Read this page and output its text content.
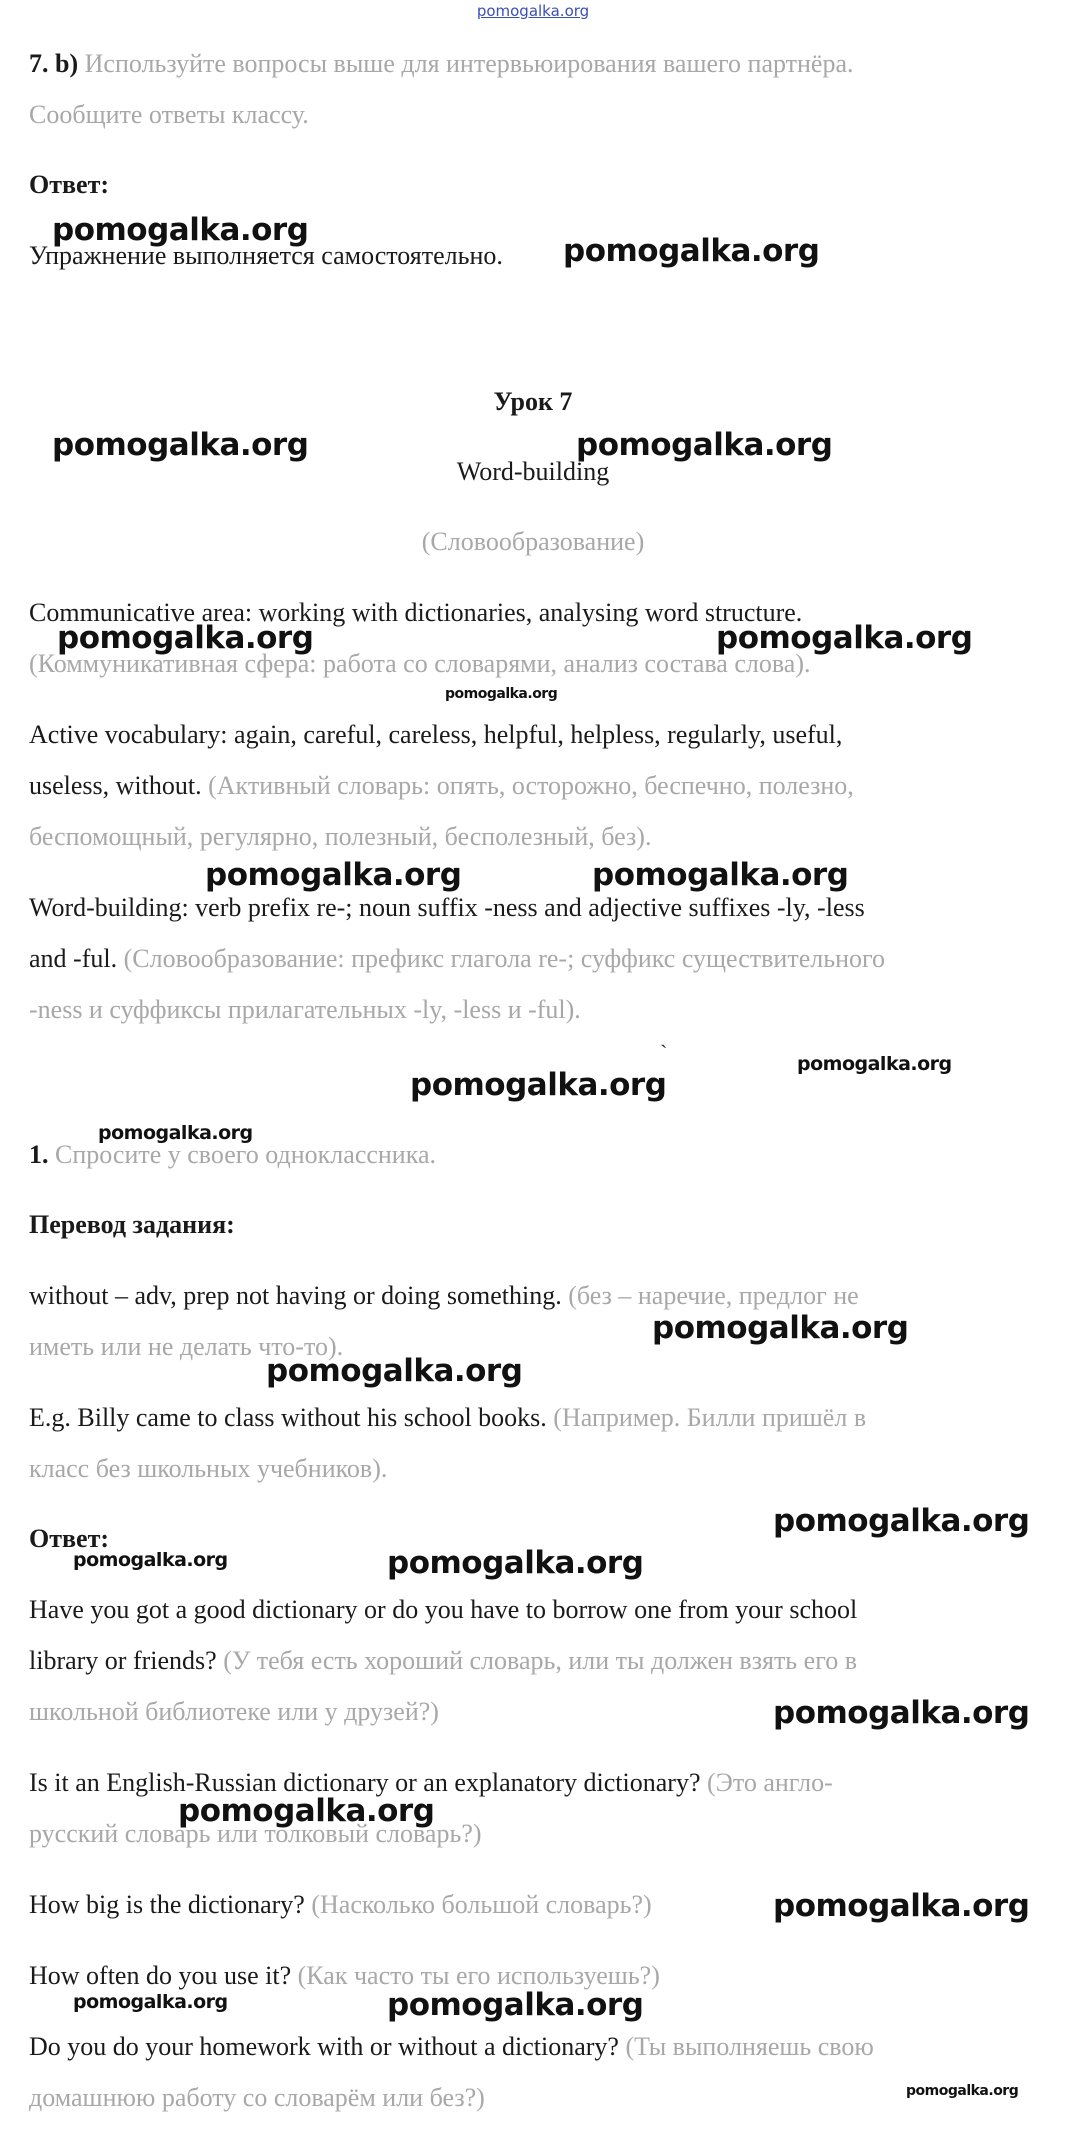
pomogalka.org
7. b) Используйте вопросы выше для интервьюирования вашего партнёра.
Сообщите ответы классу.
Ответ:
Упражнение выполняется самостоятельно.
Урок 7
Word-building
(Словообразование)
Communicative area: working with dictionaries, analysing word structure.
(Коммуникативная сфера: работа со словарями, анализ состава слова).
Active vocabulary: again, careful, careless, helpful, helpless, regularly, useful,
useless, without. (Активный словарь: опять, осторожно, беспечно, полезно,
беспомощный, регулярно, полезный, бесполезный, без).
Word-building: verb prefix re-; noun suffix -ness and adjective suffixes -ly, -less
and -ful. (Словообразование: префикс глагола re-; суффикс существительного
-ness и суффиксы прилагательных -ly, -less и -ful).
1. Спросите у своего одноклассника.
Перевод задания:
without – adv, prep not having or doing something. (без – наречие, предлог не
иметь или не делать что-то).
E.g. Billy came to class without his school books. (Например. Билли пришёл в
класс без школьных учебников).
Ответ:
Have you got a good dictionary or do you have to borrow one from your school
library or friends? (У тебя есть хороший словарь, или ты должен взять его в
школьной библиотеке или у друзей?)
Is it an English-Russian dictionary or an explanatory dictionary? (Это англо-
русский словарь или толковый словарь?)
How big is the dictionary? (Насколько большой словарь?)
How often do you use it? (Как часто ты его используешь?)
Do you do your homework with or without a dictionary? (Ты выполняешь свою
домашнюю работу со словарём или без?)
`
pomogalka.org
pomogalka.org
pomogalka.org	pomogalka.org
pomogalka.org	pomogalka.org
pomogalka.org
pomogalka.org	pomogalka.org
pomogalka.org
pomogalka.org
pomogalka.org
pomogalka.org
pomogalka.org
pomogalka.org
pomogalka.org	pomogalka.org
pomogalka.org
pomogalka.org
pomogalka.org
pomogalka.org	pomogalka.org
pomogalka.org
